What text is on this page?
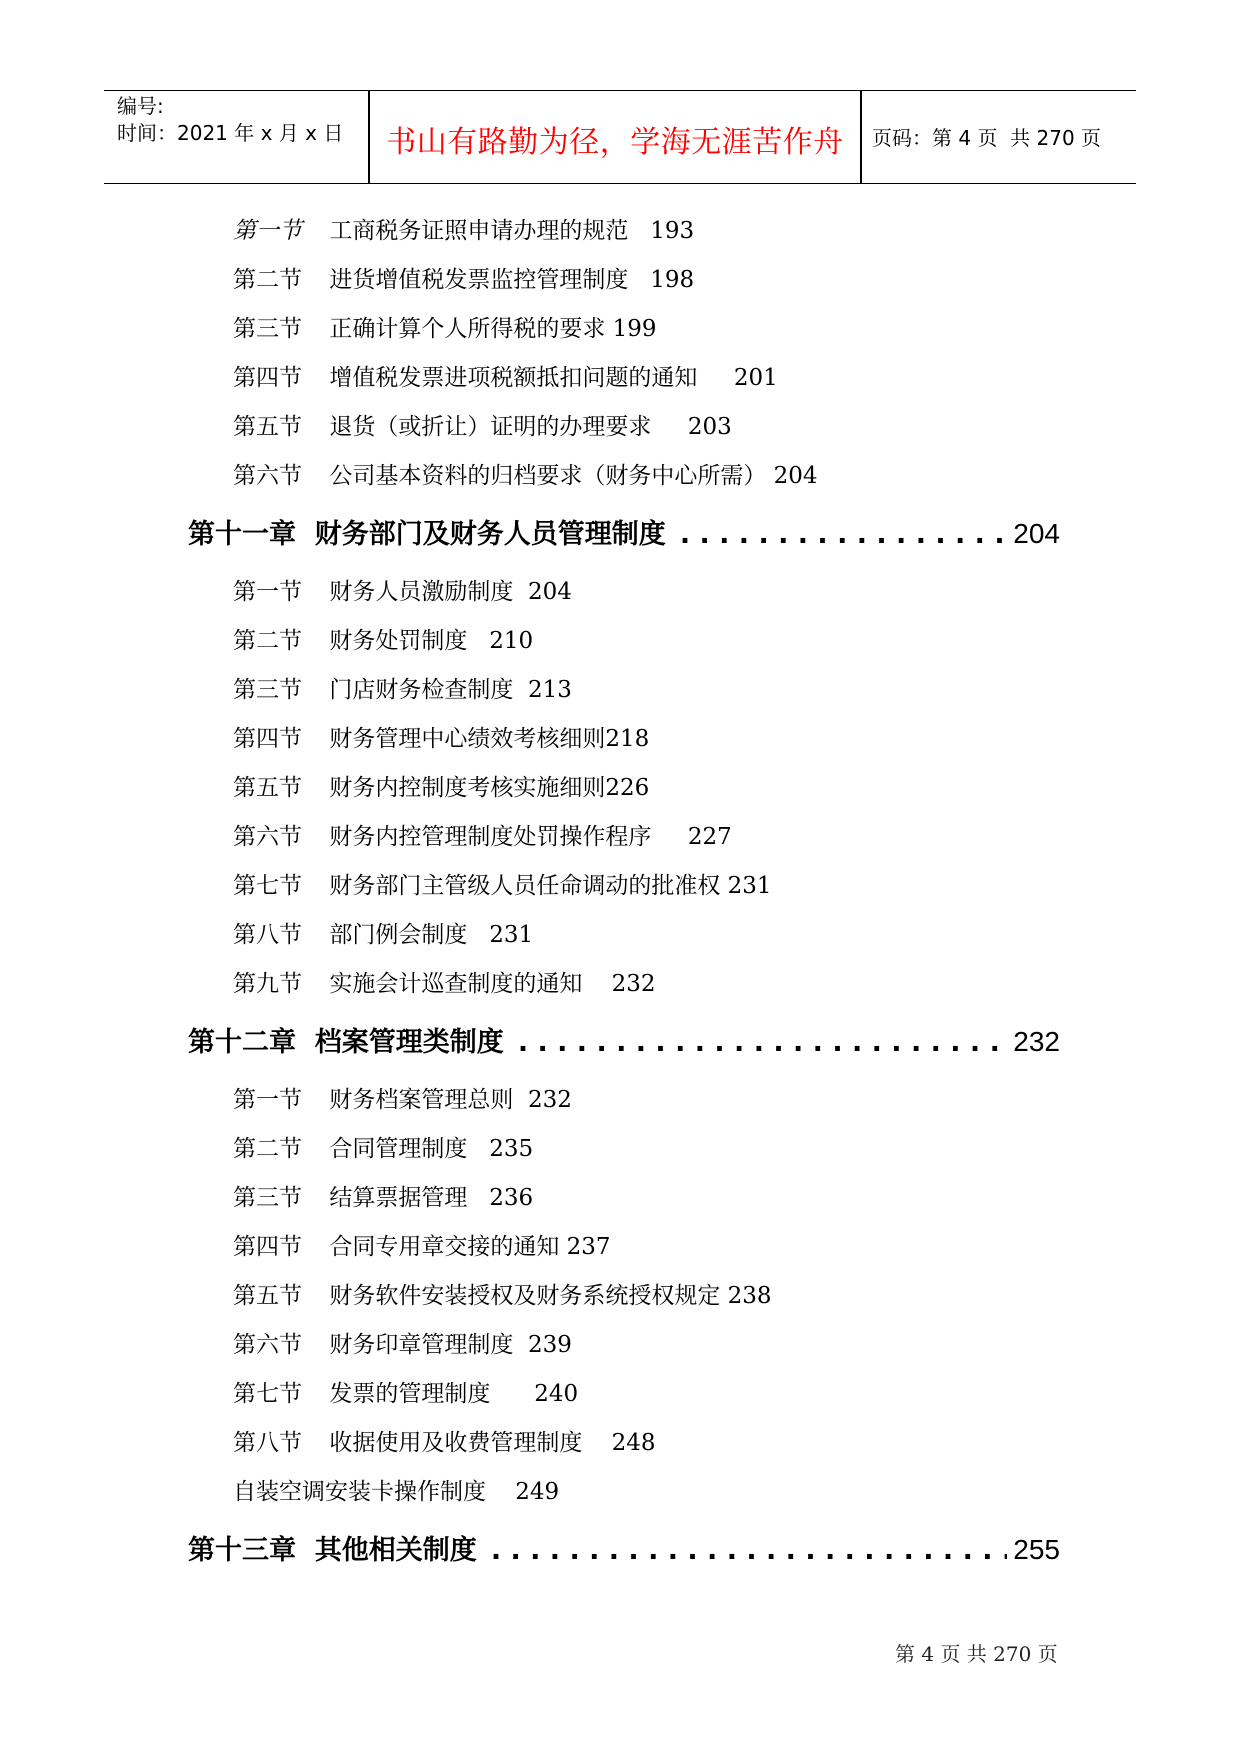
编号:
时间：2021 年 x 月 x 日	书山有路勤为径，学海无涯苦作舟	页码：第 4 页  共 270 页
第一节 工商税务证照申请办理的规范 193
第二节 进货增值税发票监控管理制度 198
第三节 正确计算个人所得税的要求 199
第四节 增值税发票进项税额抵扣问题的通知 201
第五节 退货（或折让）证明的办理要求 203
第六节 公司基本资料的归档要求（财务中心所需） 204
第十一章  财务部门及财务人员管理制度 . . .	204
第一节 财务人员激励制度 204
第二节 财务处罚制度 210
第三节 门店财务检查制度 213
第四节 财务管理中心绩效考核细则218
第五节 财务内控制度考核实施细则226
第六节 财务内控管理制度处罚操作程序 227
第七节 财务部门主管级人员任命调动的批准权 231
第八节 部门例会制度 231
第九节 实施会计巡查制度的通知 232
第十二章  档案管理类制度 . . .	232
第一节 财务档案管理总则 232
第二节 合同管理制度 235
第三节 结算票据管理 236
第四节 合同专用章交接的通知 237
第五节 财务软件安装授权及财务系统授权规定 238
第六节 财务印章管理制度 239
第七节 发票的管理制度 240
第八节 收据使用及收费管理制度 248
自装空调安装卡操作制度 249
第十三章  其他相关制度 . . .	255
第 4 页 共 270 页
